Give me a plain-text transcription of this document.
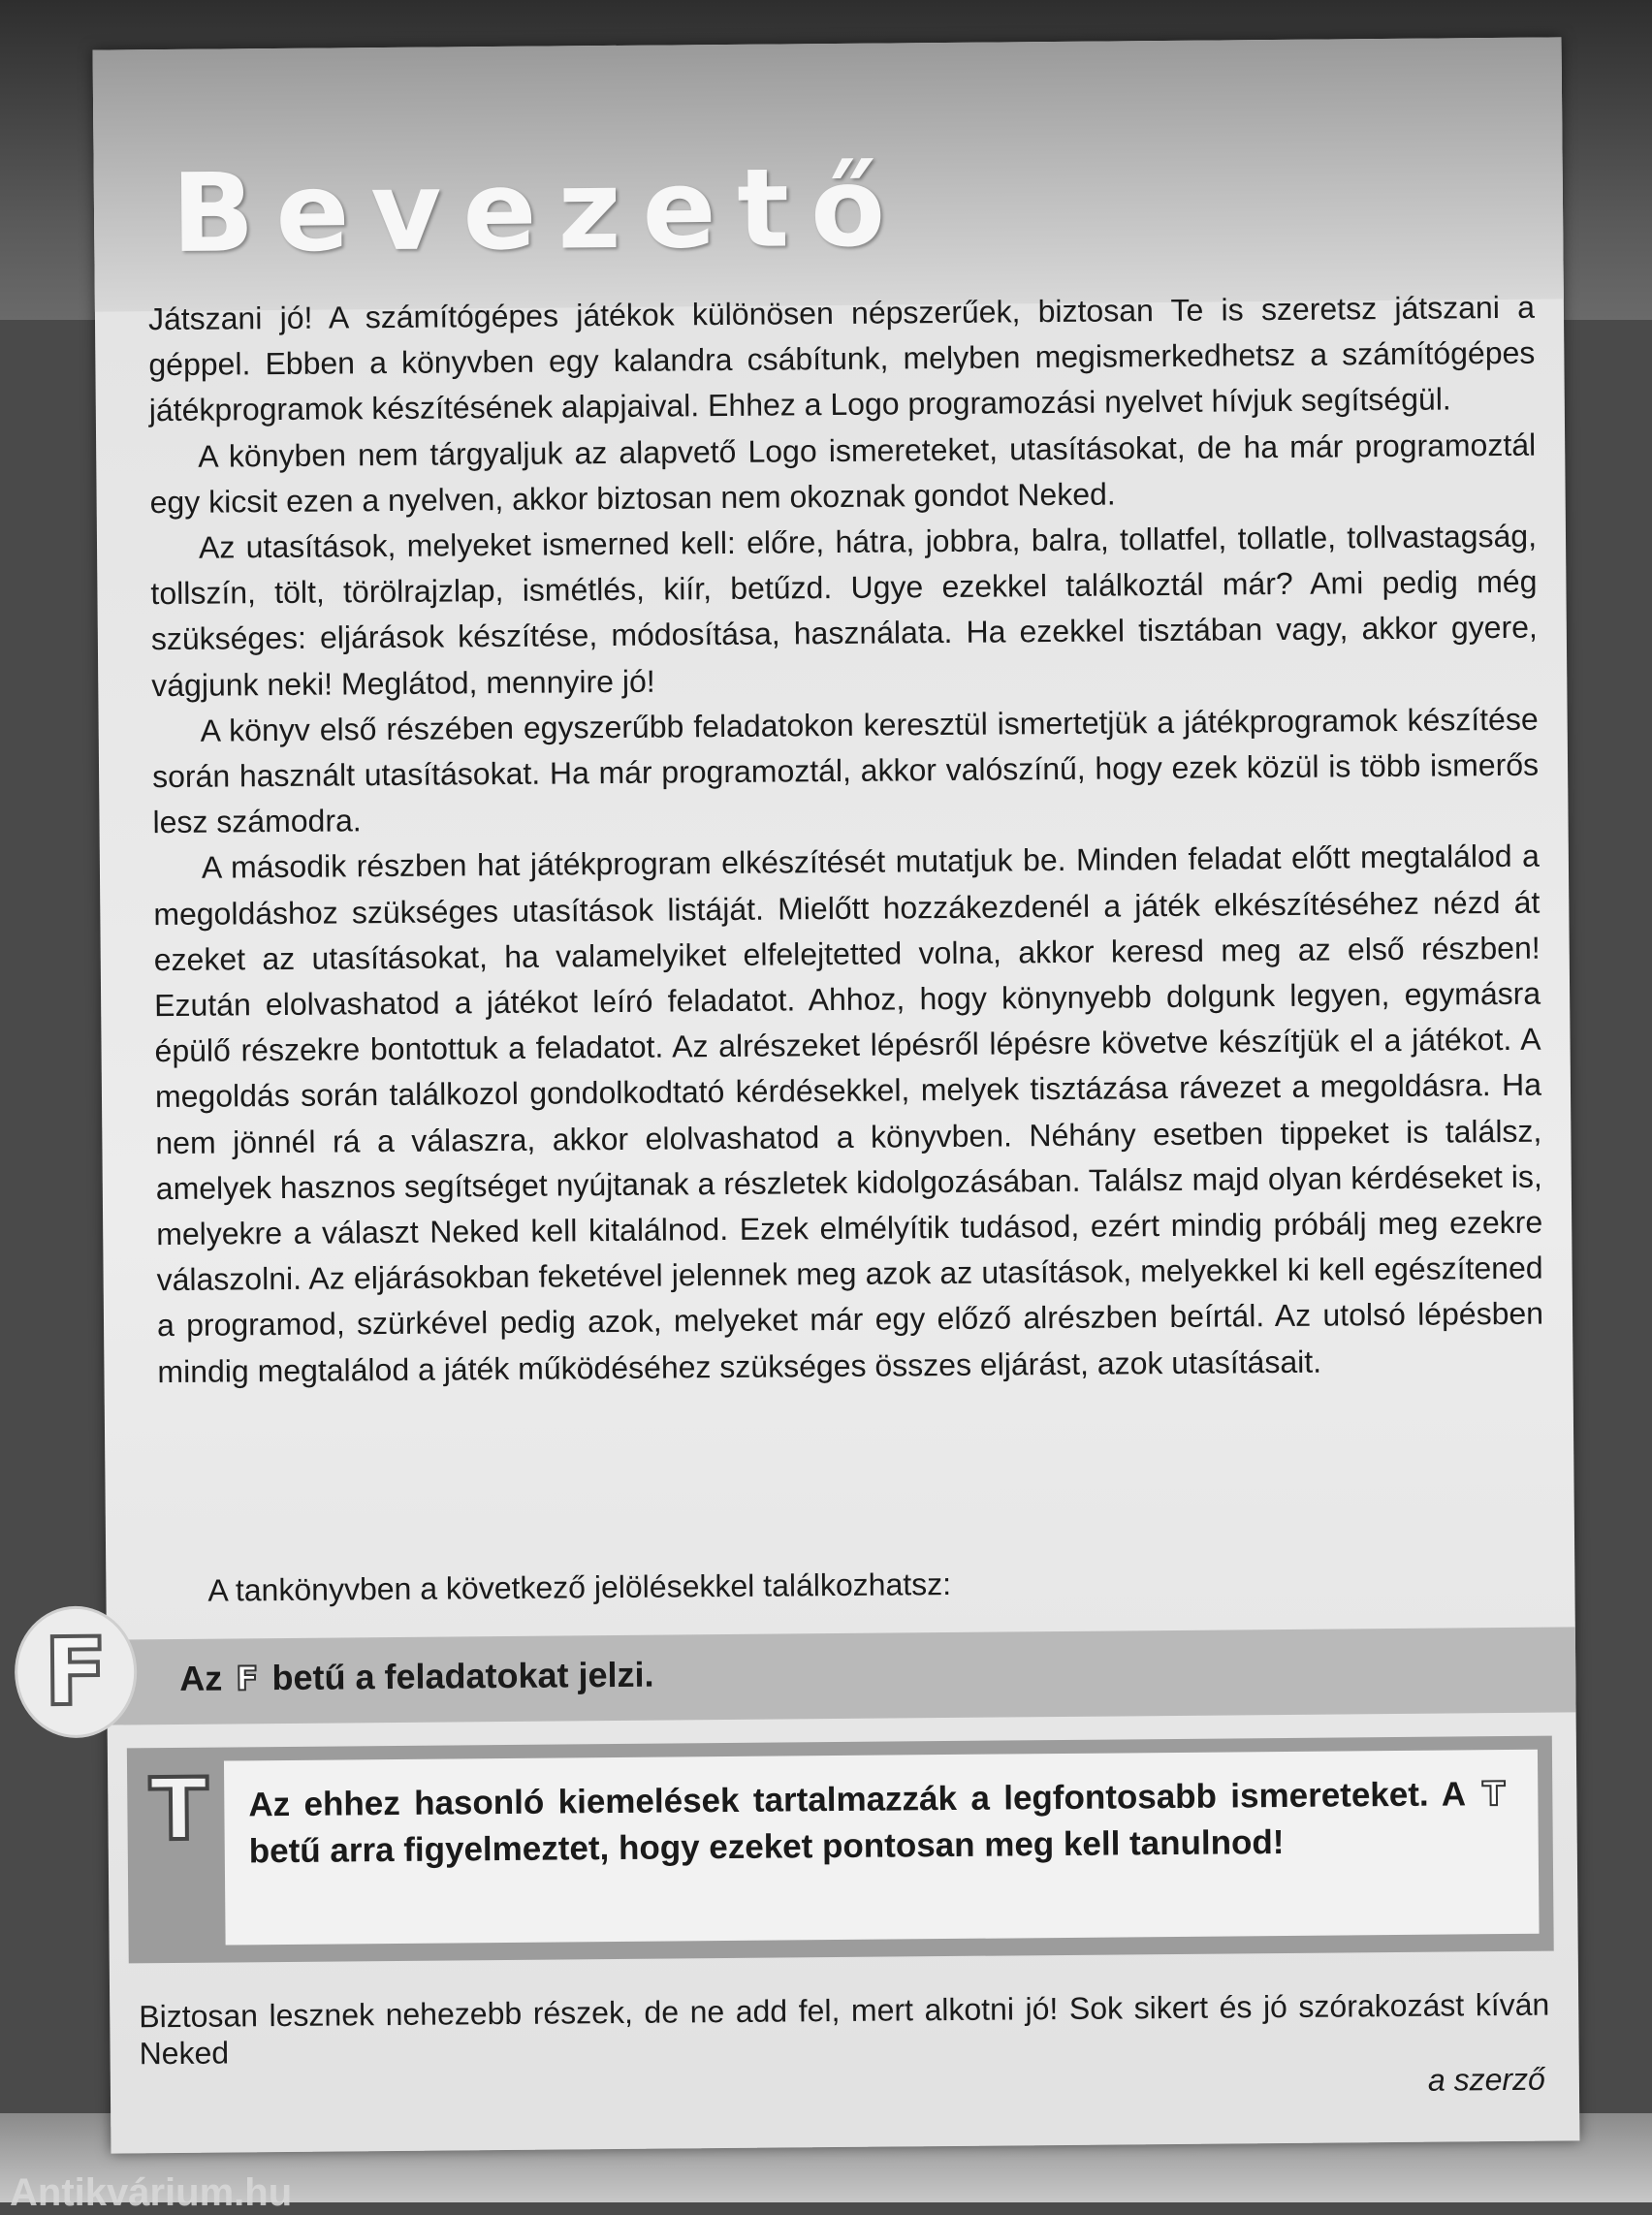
Bevezető

Játszani jó! A számítógépes játékok különösen népszerűek, biztosan Te is szeretsz játszani a géppel. Ebben a könyvben egy kalandra csábítunk, melyben megismerkedhetsz a számítógépes játékprogramok készítésének alapjaival. Ehhez a Logo programozási nyelvet hívjuk segítségül.

A könyben nem tárgyaljuk az alapvető Logo ismereteket, utasításokat, de ha már programoztál egy kicsit ezen a nyelven, akkor biztosan nem okoznak gondot Neked.

Az utasítások, melyeket ismerned kell: előre, hátra, jobbra, balra, tollatfel, tollatle, tollvastagság, tollszín, tölt, törölrajzlap, ismétlés, kiír, betűzd. Ugye ezekkel találkoztál már? Ami pedig még szükséges: eljárások készítése, módosítása, használata. Ha ezekkel tisztában vagy, akkor gyere, vágjunk neki! Meglátod, mennyire jó!

A könyv első részében egyszerűbb feladatokon keresztül ismertetjük a játékprogramok készítése során használt utasításokat. Ha már programoztál, akkor valószínű, hogy ezek közül is több ismerős lesz számodra.

A második részben hat játékprogram elkészítését mutatjuk be. Minden feladat előtt megtalálod a megoldáshoz szükséges utasítások listáját. Mielőtt hozzákezdenél a játék elkészítéséhez nézd át ezeket az utasításokat, ha valamelyiket elfelejtetted volna, akkor keresd meg az első részben! Ezután elolvashatod a játékot leíró feladatot. Ahhoz, hogy könynyebb dolgunk legyen, egymásra épülő részekre bontottuk a feladatot. Az alrészeket lépésről lépésre követve készítjük el a játékot. A megoldás során találkozol gondolkodtató kérdésekkel, melyek tisztázása rávezet a megoldásra. Ha nem jönnél rá a válaszra, akkor elolvashatod a könyvben. Néhány esetben tippeket is találsz, amelyek hasznos segítséget nyújtanak a részletek kidolgozásában. Találsz majd olyan kérdéseket is, melyekre a választ Neked kell kitalálnod. Ezek elmélyítik tudásod, ezért mindig próbálj meg ezekre válaszolni. Az eljárásokban feketével jelennek meg azok az utasítások, melyekkel ki kell egészítened a programod, szürkével pedig azok, melyeket már egy előző alrészben beírtál. Az utolsó lépésben mindig megtalálod a játék működéséhez szükséges összes eljárást, azok utasításait.

A tankönyvben a következő jelölésekkel találkozhatsz:
F Az F betű a feladatokat jelzi.
T Az ehhez hasonló kiemelések tartalmazzák a legfontosabb ismereteket. A T betű arra figyelmeztet, hogy ezeket pontosan meg kell tanulnod!
Biztosan lesznek nehezebb részek, de ne add fel, mert alkotni jó! Sok sikert és jó szórakozást kíván Neked
a szerző
Antikvárium.hu
